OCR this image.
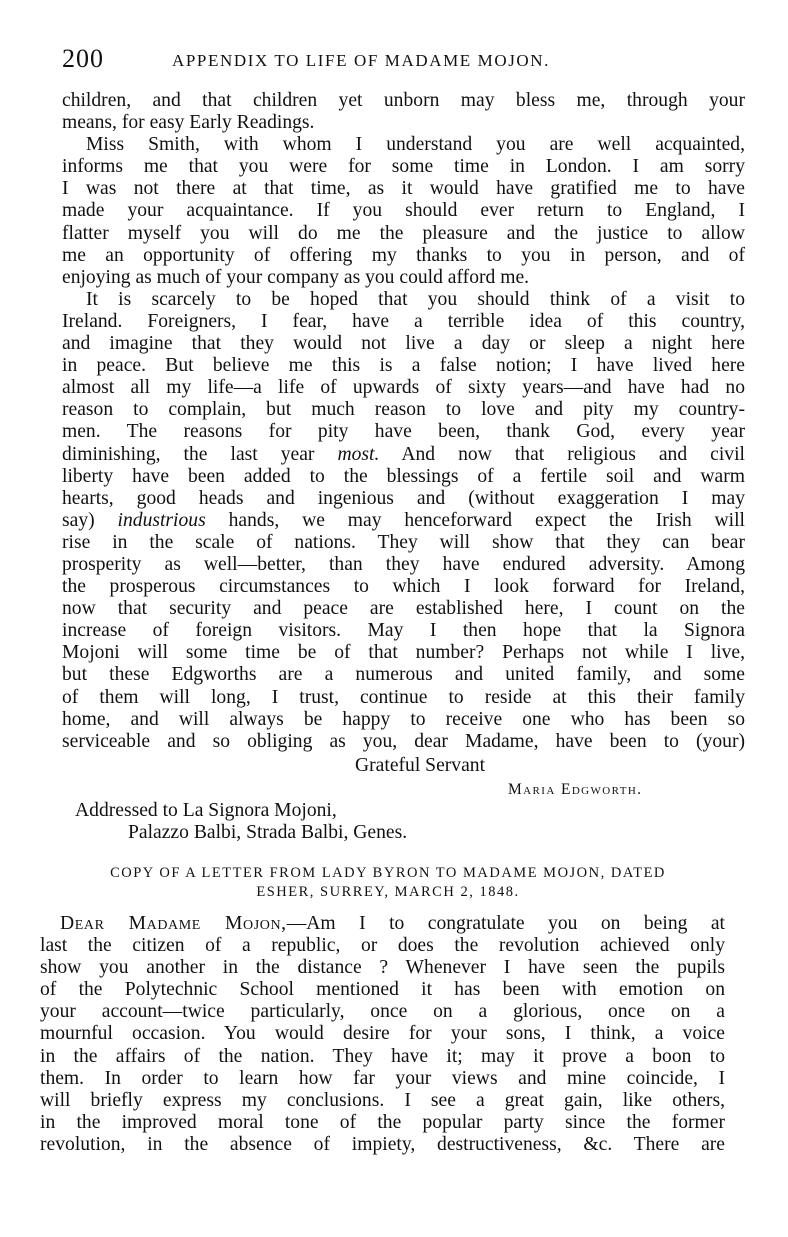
200	APPENDIX TO LIFE OF MADAME MOJON.
children, and that children yet unborn may bless me, through your
means, for easy Early Readings.
Miss Smith, with whom I understand you are well acquainted,
informs me that you were for some time in London. I am sorry
I was not there at that time, as it would have gratified me to have
made your acquaintance. If you should ever return to England, I
flatter myself you will do me the pleasure and the justice to allow
me an opportunity of offering my thanks to you in person, and of
enjoying as much of your company as you could afford me.
It is scarcely to be hoped that you should think of a visit to
Ireland. Foreigners, I fear, have a terrible idea of this country,
and imagine that they would not live a day or sleep a night here
in peace. But believe me this is a false notion; I have lived here
almost all my life—a life of upwards of sixty years—and have had no
reason to complain, but much reason to love and pity my country-
men. The reasons for pity have been, thank God, every year
diminishing, the last year most. And now that religious and civil
liberty have been added to the blessings of a fertile soil and warm
hearts, good heads and ingenious and (without exaggeration I may
say) industrious hands, we may henceforward expect the Irish will
rise in the scale of nations. They will show that they can bear
prosperity as well—better, than they have endured adversity. Among
the prosperous circumstances to which I look forward for Ireland,
now that security and peace are established here, I count on the
increase of foreign visitors. May I then hope that la Signora
Mojoni will some time be of that number? Perhaps not while I live,
but these Edgworths are a numerous and united family, and some
of them will long, I trust, continue to reside at this their family
home, and will always be happy to receive one who has been so
serviceable and so obliging as you, dear Madame, have been to (your)
Grateful Servant
Maria Edgworth.
Addressed to La Signora Mojoni,
Palazzo Balbi, Strada Balbi, Genes.
COPY OF A LETTER FROM LADY BYRON TO MADAME MOJON, DATED
ESHER, SURREY, MARCH 2, 1848.
Dear Madame Mojon,—Am I to congratulate you on being at
last the citizen of a republic, or does the revolution achieved only
show you another in the distance ? Whenever I have seen the pupils
of the Polytechnic School mentioned it has been with emotion on
your account—twice particularly, once on a glorious, once on a
mournful occasion. You would desire for your sons, I think, a voice
in the affairs of the nation. They have it; may it prove a boon to
them. In order to learn how far your views and mine coincide, I
will briefly express my conclusions. I see a great gain, like others,
in the improved moral tone of the popular party since the former
revolution, in the absence of impiety, destructiveness, &c. There are
